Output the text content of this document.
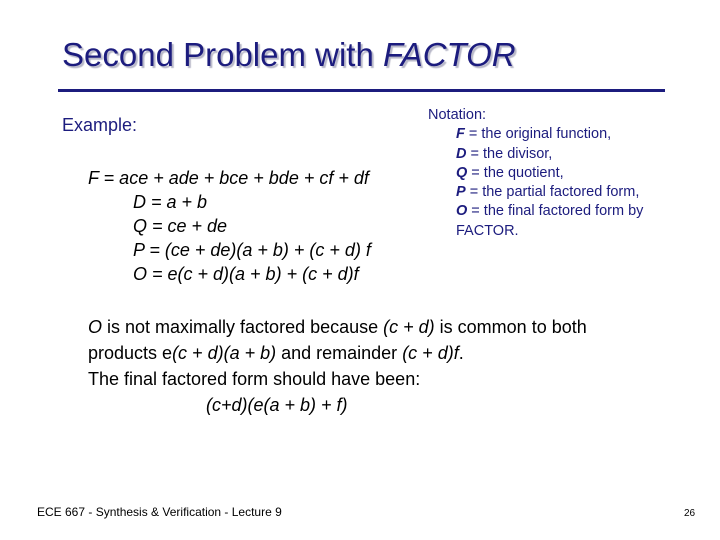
Second Problem with FACTOR
Example:
F = ace + ade + bce + bde + cf + df
D = a + b
Q = ce + de
P = (ce + de)(a + b) + (c + d) f
O = e(c + d)(a + b) + (c + d)f
Notation:
F = the original function,
D = the divisor,
Q = the quotient,
P = the partial factored form,
O = the final factored form by
FACTOR.
O is not maximally factored because (c + d) is common to both
products e(c + d)(a + b) and remainder (c + d)f.
The final factored form should have been:
(c+d)(e(a + b) + f)
ECE 667 - Synthesis & Verification - Lecture 9	26
